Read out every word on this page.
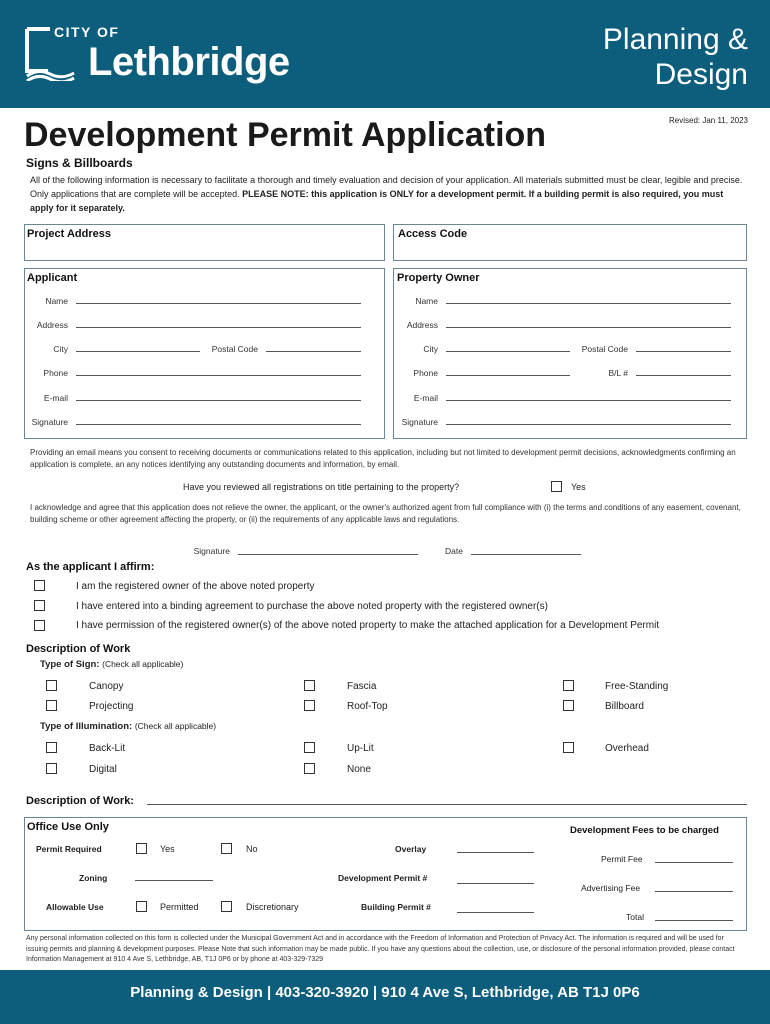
CITY OF
Lethbridge
Planning &
Design
Development Permit Application	Revised: Jan 11, 2023
Signs & Billboards
All of the following information is necessary to facilitate a thorough and timely evaluation and decision of your application. All materials submitted must be clear, legible and precise. Only applications that are complete will be accepted. PLEASE NOTE: this application is ONLY for a development permit. If a building permit is also required, you must apply for it separately.
Project Address	Access Code
Applicant
Name
Address
City	Postal Code
Phone
E-mail
Signature
Property Owner
Name
Address
City	Postal Code
Phone	B/L #
E-mail
Signature
Providing an email means you consent to receiving documents or communications related to this application, including but not limited to development permit decisions, acknowledgments confirming an application is complete, an any notices identifying any outstanding documents and information, by email.
Have you reviewed all registrations on title pertaining to the property?	Yes
I acknowledge and agree that this application does not relieve the owner, the applicant, or the owner's authorized agent from full compliance with (i) the terms and conditions of any easement, covenant, building scheme or other agreement affecting the property, or (ii) the requirements of any applicable laws and regulations.
Signature	Date
As the applicant I affirm:
I am the registered owner of the above noted property
I have entered into a binding agreement to purchase the above noted property with the registered owner(s)
I have permission of the registered owner(s) of the above noted property to make the attached application for a Development Permit
Description of Work
Type of Sign: (Check all applicable)
Canopy	Fascia	Free-Standing
Projecting	Roof-Top	Billboard
Type of Illumination: (Check all applicable)
Back-Lit	Up-Lit	Overhead
Digital	None
Description of Work:
Office Use Only	Development Fees to be charged
Permit Required	Yes	No	Overlay
Permit Fee
Zoning	Development Permit #
Advertising Fee
Allowable Use	Permitted	Discretionary	Building Permit #
Total
Any personal information collected on this form is collected under the Municipal Government Act and in accordance with the Freedom of Information and Protection of Privacy Act. The information is required and will be used for issuing permits and planning & development purposes. Please Note that such information may be made public. If you have any questions about the collection, use, or disclosure of the personal information provided, please contact Information Management at 910 4 Ave S, Lethbridge, AB, T1J 0P6 or by phone at 403-329-7329
Planning & Design | 403-320-3920 | 910 4 Ave S, Lethbridge, AB T1J 0P6
